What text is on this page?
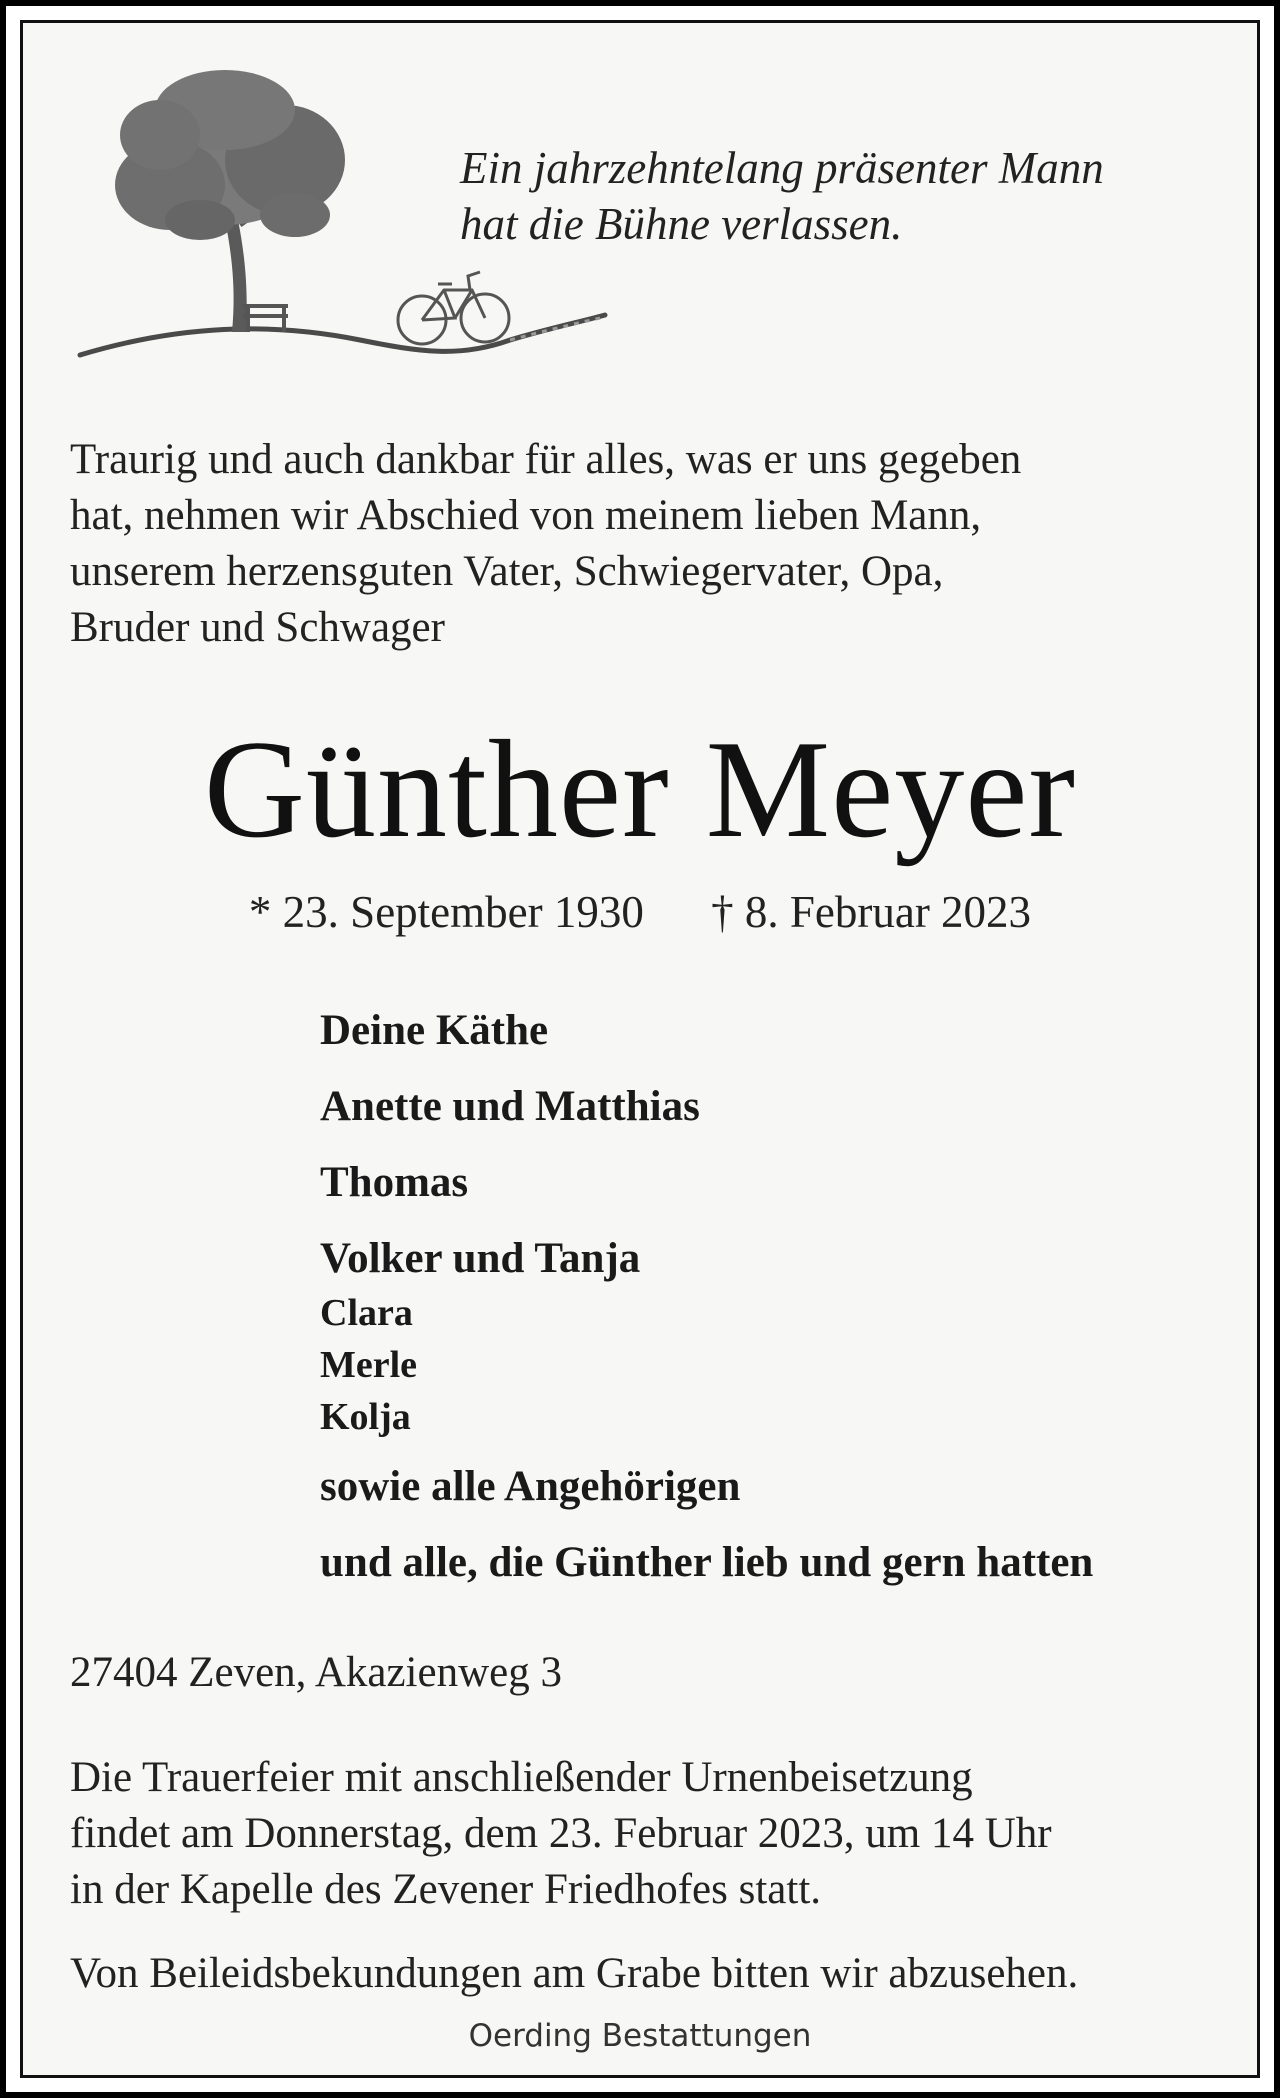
Ein jahrzehntelang präsenter Mann
hat die Bühne verlassen.
Traurig und auch dankbar für alles, was er uns gegeben
hat, nehmen wir Abschied von meinem lieben Mann,
unserem herzensguten Vater, Schwiegervater, Opa,
Bruder und Schwager
Günther Meyer
* 23. September 1930 † 8. Februar 2023
Deine Käthe
Anette und Matthias
Thomas
Volker und Tanja
Clara
Merle
Kolja
sowie alle Angehörigen
und alle, die Günther lieb und gern hatten
27404 Zeven, Akazienweg 3
Die Trauerfeier mit anschließender Urnenbeisetzung
findet am Donnerstag, dem 23. Februar 2023, um 14 Uhr
in der Kapelle des Zevener Friedhofes statt.
Von Beileidsbekundungen am Grabe bitten wir abzusehen.
Oerding Bestattungen
